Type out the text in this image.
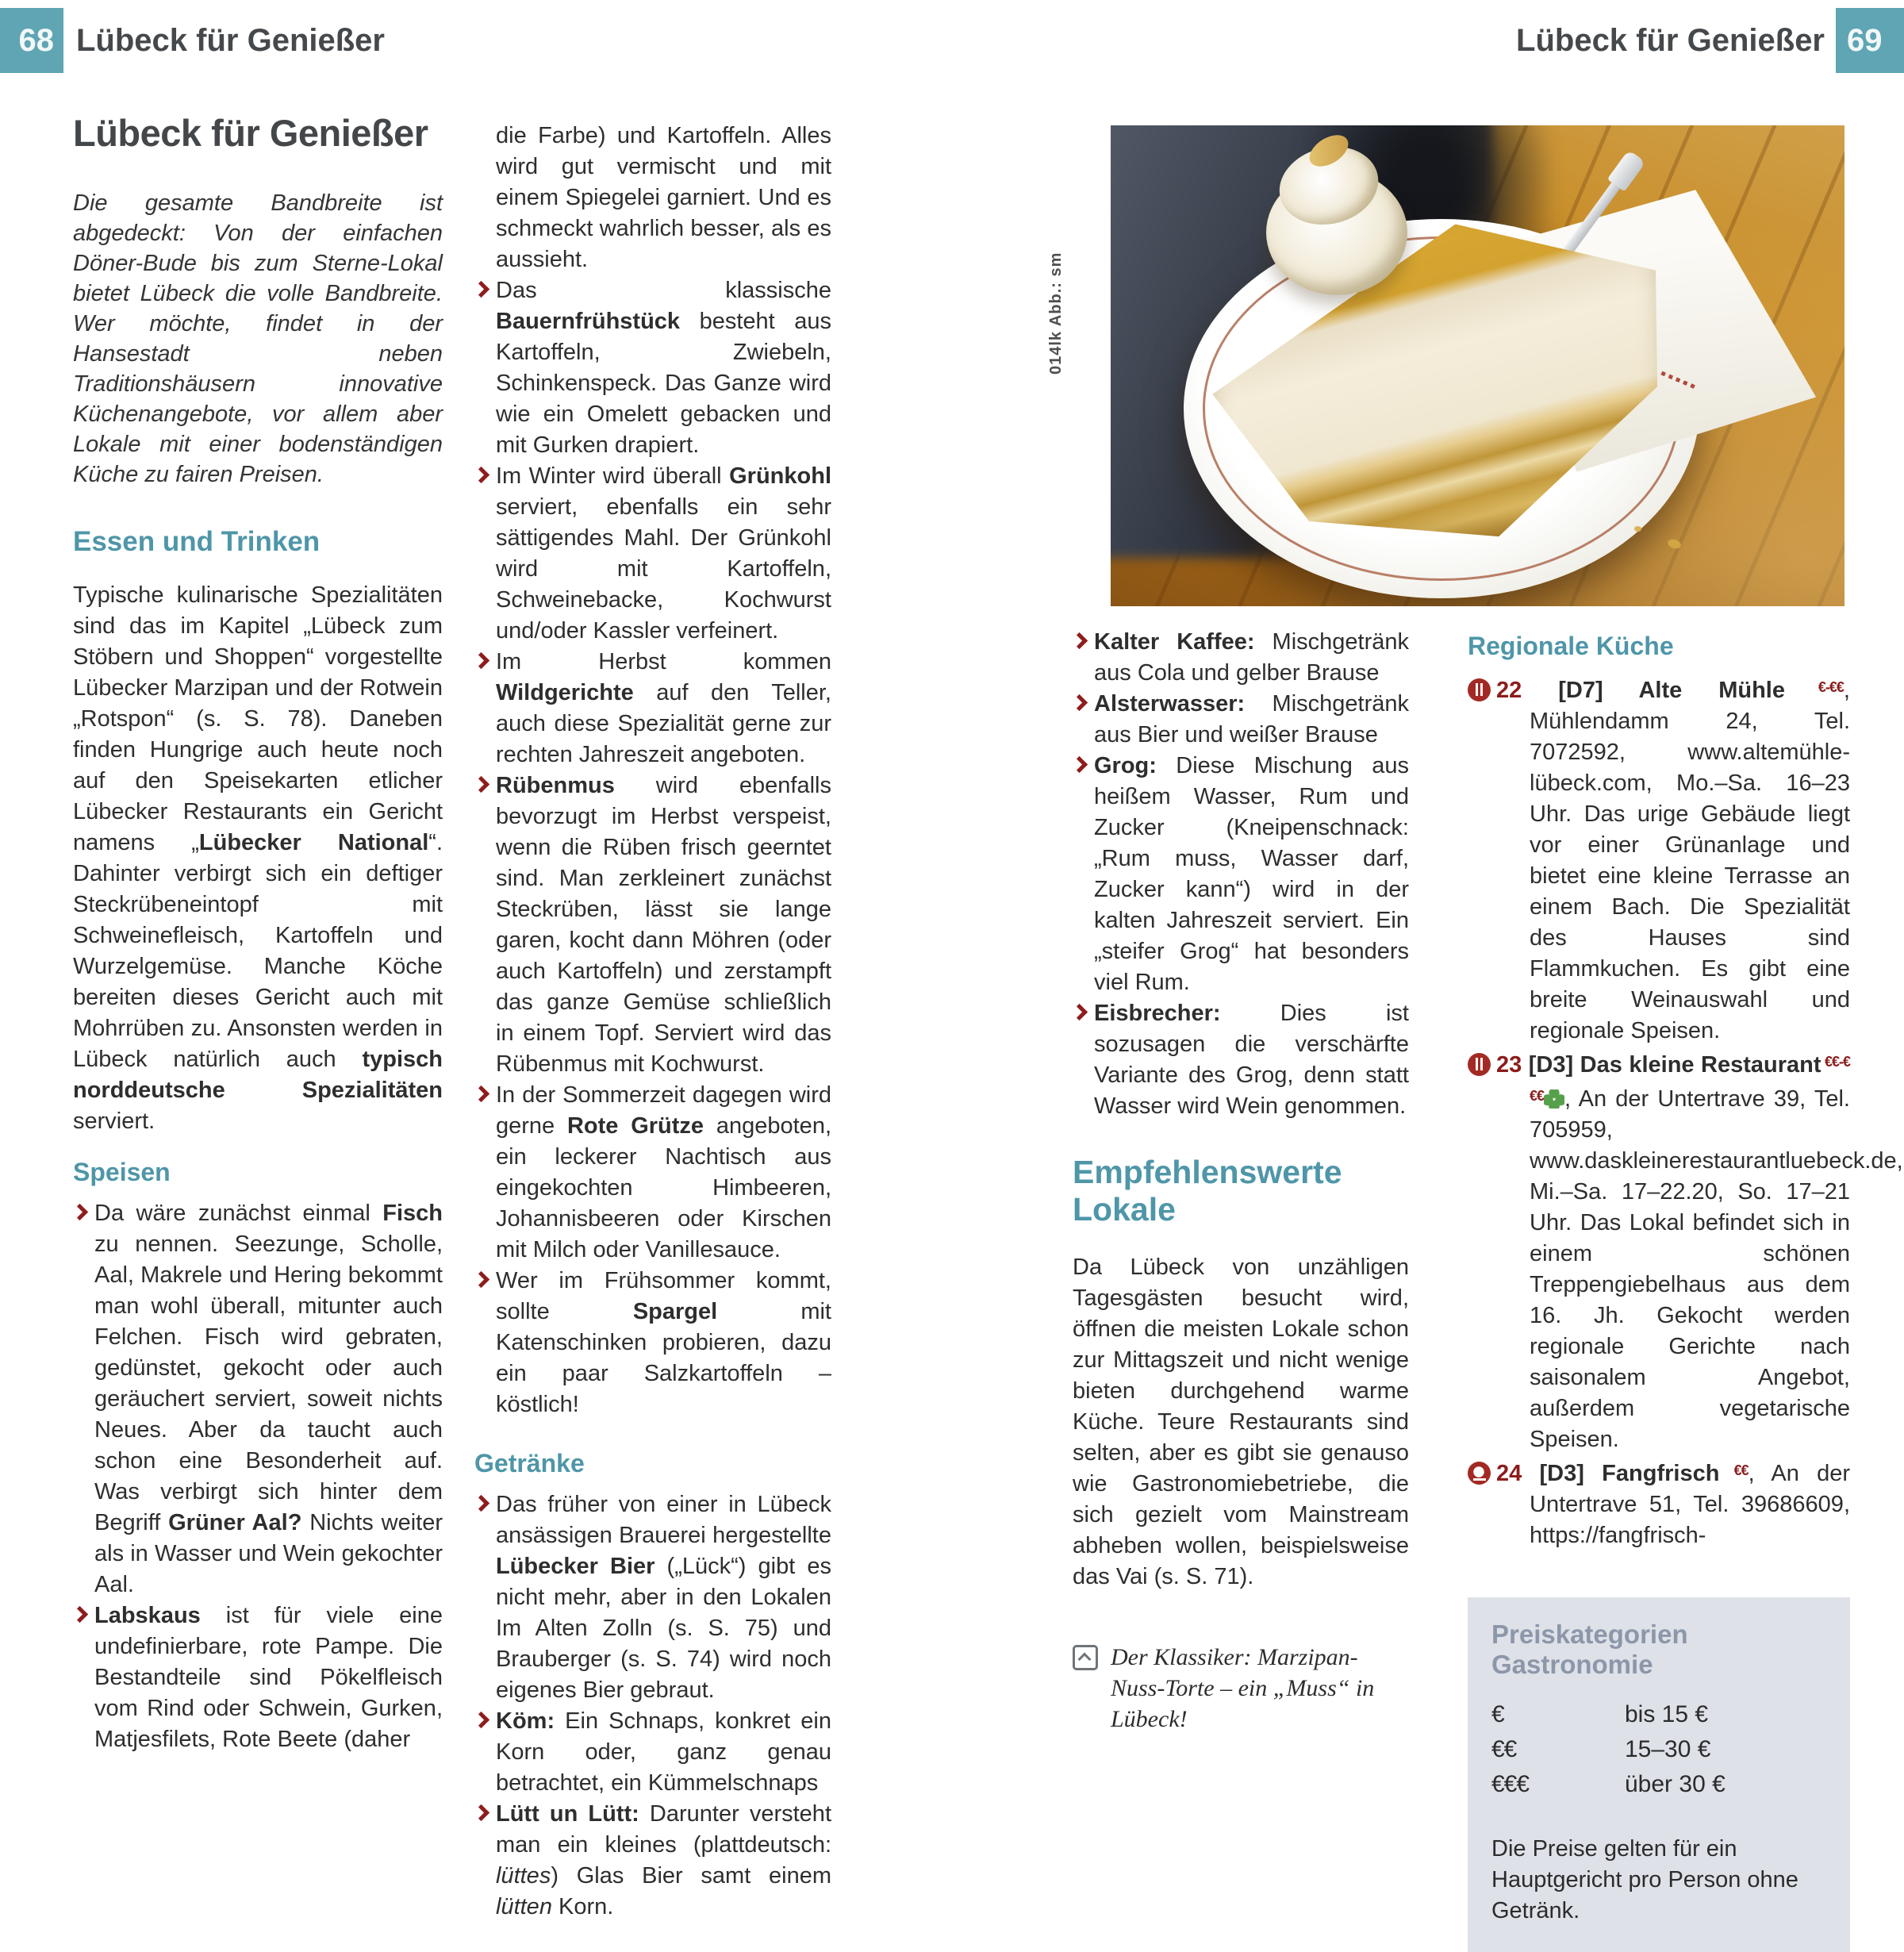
68 Lübeck für Genießer	Lübeck für Genießer 69
Lübeck für Genießer

Die gesamte Bandbreite ist abgedeckt: Von der einfachen Döner-Bude bis zum Sterne-Lokal bietet Lübeck die volle Bandbreite. Wer möchte, findet in der Hansestadt neben Traditionshäusern innovative Küchenangebote, vor allem aber Lokale mit einer bodenständigen Küche zu fairen Preisen.

Essen und Trinken

Typische kulinarische Spezialitäten sind das im Kapitel „Lübeck zum Stöbern und Shoppen“ vorgestellte Lübecker Marzipan und der Rotwein „Rotspon“ (s. S. 78). Daneben finden Hungrige auch heute noch auf den Speisekarten etlicher Lübecker Restaurants ein Gericht namens „Lübecker National“. Dahinter verbirgt sich ein deftiger Steckrübeneintopf mit Schweinefleisch, Kartoffeln und Wurzelgemüse. Manche Köche bereiten dieses Gericht auch mit Mohrrüben zu. Ansonsten werden in Lübeck natürlich auch typisch norddeutsche Spezialitäten serviert.

Speisen
Da wäre zunächst einmal Fisch zu nennen. Seezunge, Scholle, Aal, Makrele und Hering bekommt man wohl überall, mitunter auch Felchen. Fisch wird gebraten, gedünstet, gekocht oder auch geräuchert serviert, soweit nichts Neues. Aber da taucht auch schon eine Besonderheit auf. Was verbirgt sich hinter dem Begriff Grüner Aal? Nichts weiter als in Wasser und Wein gekochter Aal.
Labskaus ist für viele eine undefinierbare, rote Pampe. Die Bestandteile sind Pökelfleisch vom Rind oder Schwein, Gurken, Matjesfilets, Rote Beete (daher

die Farbe) und Kartoffeln. Alles wird gut vermischt und mit einem Spiegelei garniert. Und es schmeckt wahrlich besser, als es aussieht.

Das klassische Bauernfrühstück besteht aus Kartoffeln, Zwiebeln, Schinkenspeck. Das Ganze wird wie ein Omelett gebacken und mit Gurken drapiert.
Im Winter wird überall Grünkohl serviert, ebenfalls ein sehr sättigendes Mahl. Der Grünkohl wird mit Kartoffeln, Schweinebacke, Kochwurst und/oder Kassler verfeinert.
Im Herbst kommen Wildgerichte auf den Teller, auch diese Spezialität gerne zur rechten Jahreszeit angeboten.
Rübenmus wird ebenfalls bevorzugt im Herbst verspeist, wenn die Rüben frisch geerntet sind. Man zerkleinert zunächst Steckrüben, lässt sie lange garen, kocht dann Möhren (oder auch Kartoffeln) und zerstampft das ganze Gemüse schließlich in einem Topf. Serviert wird das Rübenmus mit Kochwurst.
In der Sommerzeit dagegen wird gerne Rote Grütze angeboten, ein leckerer Nachtisch aus eingekochten Himbeeren, Johannisbeeren oder Kirschen mit Milch oder Vanillesauce.
Wer im Frühsommer kommt, sollte Spargel mit Katenschinken probieren, dazu ein paar Salzkartoffeln – köstlich!
Getränke
Das früher von einer in Lübeck ansässigen Brauerei hergestellte Lübecker Bier („Lück“) gibt es nicht mehr, aber in den Lokalen Im Alten Zolln (s. S. 75) und Brauberger (s. S. 74) wird noch eigenes Bier gebraut.
Köm: Ein Schnaps, konkret ein Korn oder, ganz genau betrachtet, ein Kümmelschnaps
Lütt un Lütt: Darunter versteht man ein kleines (plattdeutsch: lüttes) Glas Bier samt einem lütten Korn.
014lk Abb.: sm
Kalter Kaffee: Mischgetränk aus Cola und gelber Brause
Alsterwasser: Mischgetränk aus Bier und weißer Brause
Grog: Diese Mischung aus heißem Wasser, Rum und Zucker (Kneipenschnack: „Rum muss, Wasser darf, Zucker kann“) wird in der kalten Jahreszeit serviert. Ein „steifer Grog“ hat besonders viel Rum.
Eisbrecher: Dies ist sozusagen die verschärfte Variante des Grog, denn statt Wasser wird Wein genommen.
Empfehlenswerte Lokale

Da Lübeck von unzähligen Tagesgästen besucht wird, öffnen die meisten Lokale schon zur Mittagszeit und nicht wenige bieten durchgehend warme Küche. Teure Restaurants sind selten, aber es gibt sie genauso wie Gastronomiebetriebe, die sich gezielt vom Mainstream abheben wollen, beispielsweise das Vai (s. S. 71).

Der Klassiker: Marzipan-Nuss-Torte – ein „Muss“ in Lübeck!
Regionale Küche
22 [D7] Alte Mühle €-€€, Mühlendamm 24, Tel. 7072592, www.altemühle-lübeck.com, Mo.–Sa. 16–23 Uhr. Das urige Gebäude liegt vor einer Grünanlage und bietet eine kleine Terrasse an einem Bach. Die Spezialität des Hauses sind Flammkuchen. Es gibt eine breite Weinauswahl und regionale Speisen.
23 [D3] Das kleine Restaurant €€-€€€ , An der Untertrave 39, Tel. 705959, www.daskleinerestaurantluebeck.de, Mi.–Sa. 17–22.20, So. 17–21 Uhr. Das Lokal befindet sich in einem schönen Treppengiebelhaus aus dem 16. Jh. Gekocht werden regionale Gerichte nach saisonalem Angebot, außerdem vegetarische Speisen.
24 [D3] Fangfrisch €€, An der Untertrave 51, Tel. 39686609, https://fangfrisch-
Preiskategorien Gastronomie
€	bis 15 €
€€	15–30 €
€€€	über 30 €

Die Preise gelten für ein Hauptgericht pro Person ohne Getränk.
